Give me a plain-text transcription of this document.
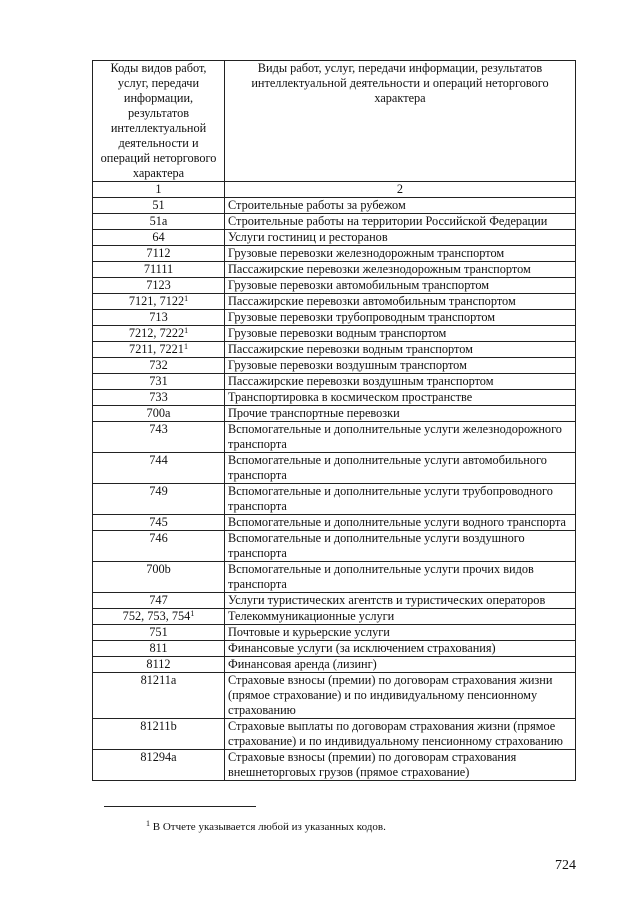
Коды видов работ, услуг, передачи информации, результатов интеллектуальной деятельности и операций неторгового характера	Виды работ, услуг, передачи информации, результатов интеллектуальной деятельности и операций неторгового характера
1	2
51	Строительные работы за рубежом
51a	Строительные работы на территории Российской Федерации
64	Услуги гостиниц и ресторанов
7112	Грузовые перевозки железнодорожным транспортом
71111	Пассажирские перевозки железнодорожным транспортом
7123	Грузовые перевозки автомобильным транспортом
7121, 7122$^1$	Пассажирские перевозки автомобильным транспортом
713	Грузовые перевозки трубопроводным транспортом
7212, 7222$^1$	Грузовые перевозки водным транспортом
7211, 7221$^1$	Пассажирские перевозки водным транспортом
732	Грузовые перевозки воздушным транспортом
731	Пассажирские перевозки воздушным транспортом
733	Транспортировка в космическом пространстве
700a	Прочие транспортные перевозки
743	Вспомогательные и дополнительные услуги железнодорожного транспорта
744	Вспомогательные и дополнительные услуги автомобильного транспорта
749	Вспомогательные и дополнительные услуги трубопроводного транспорта
745	Вспомогательные и дополнительные услуги водного транспорта
746	Вспомогательные и дополнительные услуги воздушного транспорта
700b	Вспомогательные и дополнительные услуги прочих видов транспорта
747	Услуги туристических агентств и туристических операторов
752, 753, $754^1$	Телекоммуникационные услуги
751	Почтовые и курьерские услуги
811	Финансовые услуги (за исключением страхования)
8112	Финансовая аренда (лизинг)
81211a	Страховые взносы (премии) по договорам страхования жизни (прямое страхование) и по индивидуальному пенсионному страхованию
81211b	Страховые выплаты по договорам страхования жизни (прямое страхование) и по индивидуальному пенсионному страхованию
81294a	Страховые взносы (премии) по договорам страхования внешнеторговых грузов (прямое страхование)
$^1$ В Отчете указывается любой из указанных кодов.
724
